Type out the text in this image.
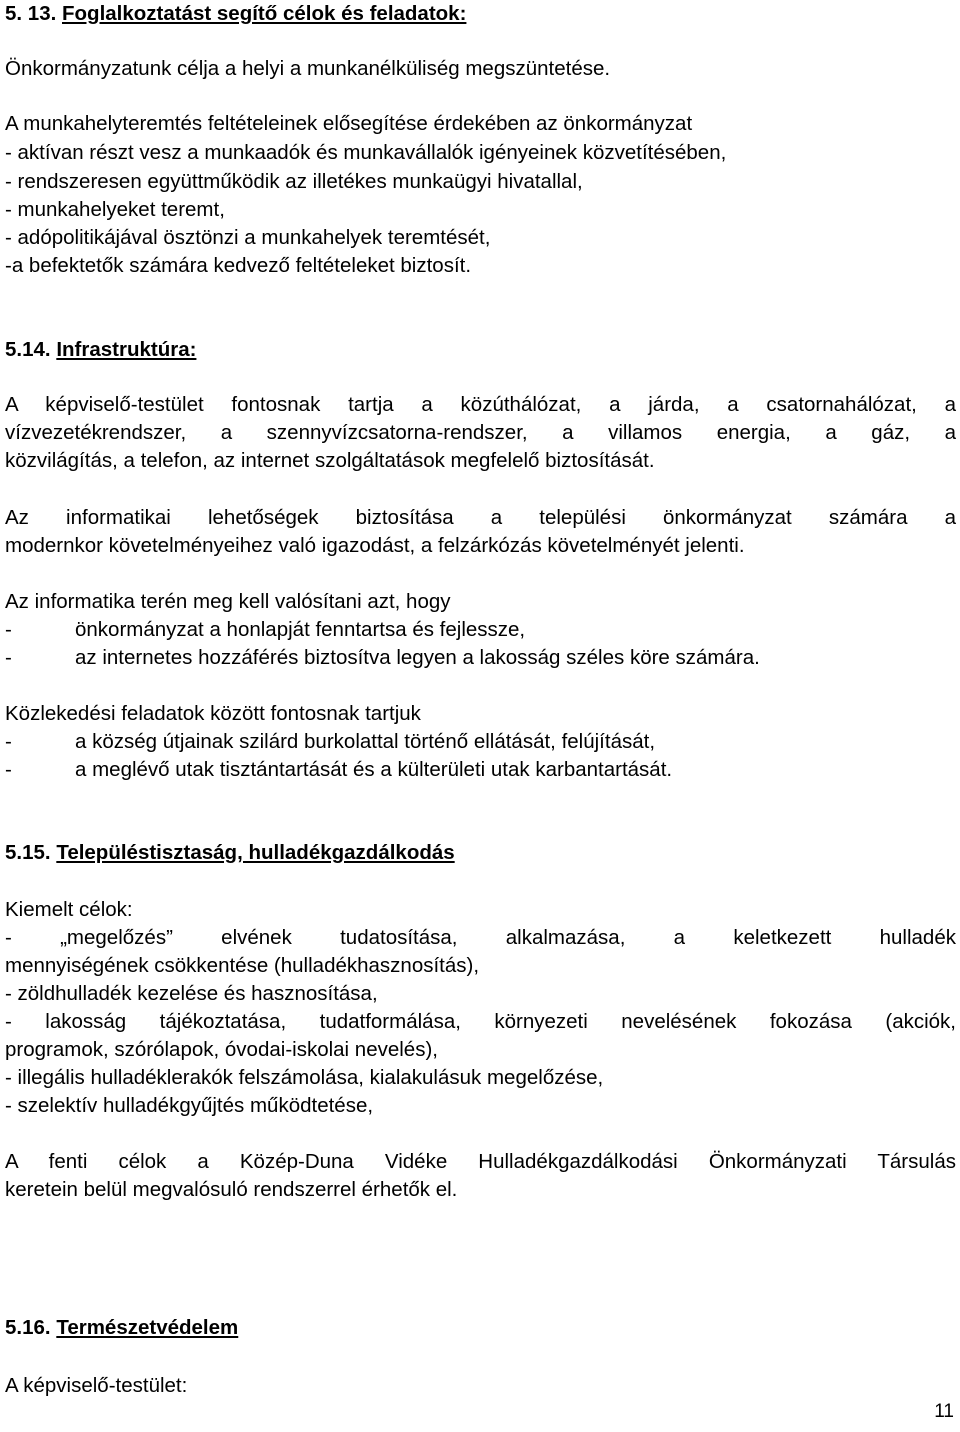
5. 13. Foglalkoztatást segítő célok és feladatok:
Önkormányzatunk célja a helyi a munkanélküliség megszüntetése.
A munkahelyteremtés feltételeinek elősegítése érdekében az önkormányzat
- aktívan részt vesz a munkaadók és munkavállalók igényeinek közvetítésében,
- rendszeresen együttműködik az illetékes munkaügyi hivatallal,
- munkahelyeket teremt,
- adópolitikájával ösztönzi a munkahelyek teremtését,
-a befektetők számára kedvező feltételeket biztosít.
5.14. Infrastruktúra:
A képviselő-testület fontosnak tartja a közúthálózat, a járda, a csatornahálózat, a
vízvezetékrendszer, a szennyvízcsatorna-rendszer, a villamos energia, a gáz, a
közvilágítás, a telefon, az internet szolgáltatások megfelelő biztosítását.
Az informatikai lehetőségek biztosítása a települési önkormányzat számára a
modernkor követelményeihez való igazodást, a felzárkózás követelményét jelenti.
Az informatika terén meg kell valósítani azt, hogy
-	önkormányzat a honlapját fenntartsa és fejlessze,
-	az internetes hozzáférés biztosítva legyen a lakosság széles köre számára.
Közlekedési feladatok között fontosnak tartjuk
-	a község útjainak szilárd burkolattal történő ellátását, felújítását,
-	a meglévő utak tisztántartását és a külterületi utak karbantartását.
5.15. Településtisztaság, hulladékgazdálkodás
Kiemelt célok:
- „megelőzés” elvének tudatosítása, alkalmazása, a keletkezett hulladék
mennyiségének csökkentése (hulladékhasznosítás),
- zöldhulladék kezelése és hasznosítása,
- lakosság tájékoztatása, tudatformálása, környezeti nevelésének fokozása (akciók,
programok, szórólapok, óvodai-iskolai nevelés),
- illegális hulladéklerakók felszámolása, kialakulásuk megelőzése,
- szelektív hulladékgyűjtés működtetése,
A fenti célok a Közép-Duna Vidéke Hulladékgazdálkodási Önkormányzati Társulás
keretein belül megvalósuló rendszerrel érhetők el.
5.16. Természetvédelem
A képviselő-testület:
11
